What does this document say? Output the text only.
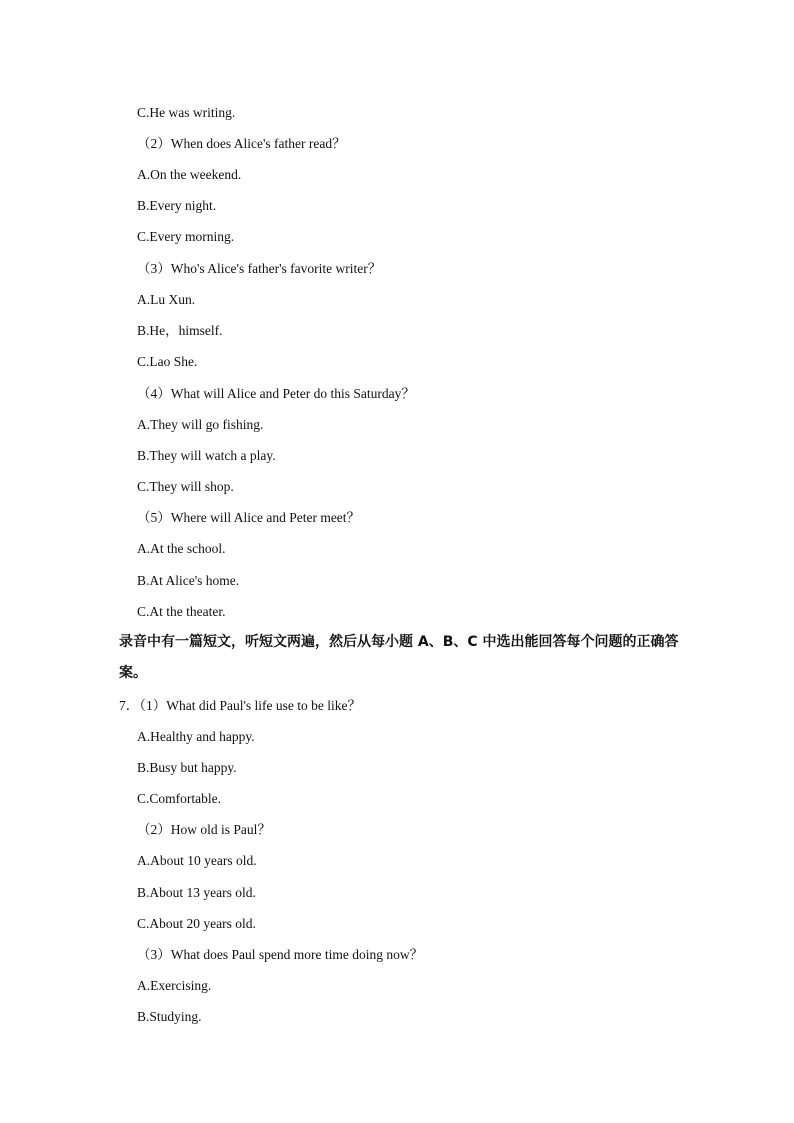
C.He was writing.
（2）When does Alice's father read？
A.On the weekend.
B.Every night.
C.Every morning.
（3）Who's Alice's father's favorite writer？
A.Lu Xun.
B.He，himself.
C.Lao She.
（4）What will Alice and Peter do this Saturday？
A.They will go fishing.
B.They will watch a play.
C.They will shop.
（5）Where will Alice and Peter meet？
A.At the school.
B.At Alice's home.
C.At the theater.
录音中有一篇短文，听短文两遍，然后从每小题 A、B、C 中选出能回答每个问题的正确答
案。
7．（1）What did Paul's life use to be like？
A.Healthy and happy.
B.Busy but happy.
C.Comfortable.
（2）How old is Paul？
A.About 10 years old.
B.About 13 years old.
C.About 20 years old.
（3）What does Paul spend more time doing now？
A.Exercising.
B.Studying.
